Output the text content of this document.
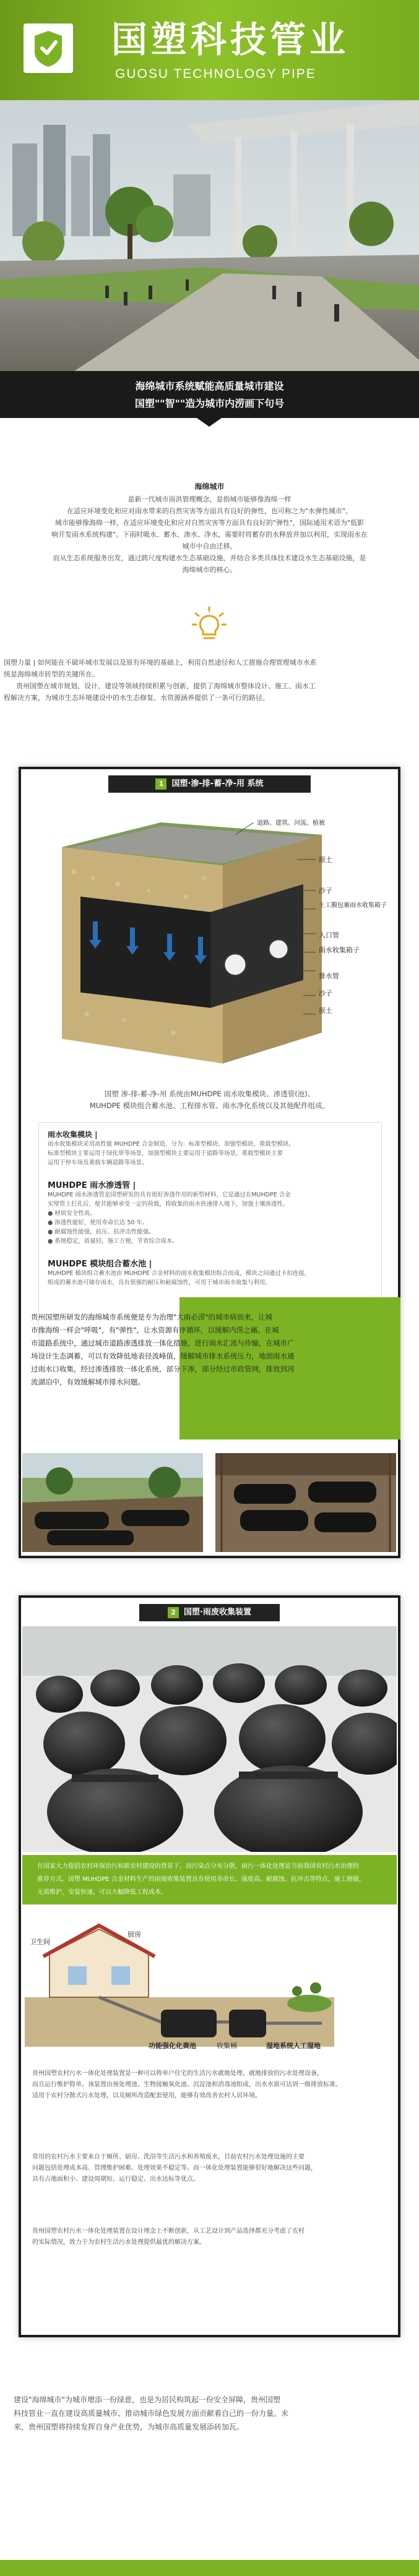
国塑科技管业
GUOSU TECHNOLOGY PIPE
海绵城市系统赋能高质量城市建设
国塑""智""造为城市内涝画下句号
海绵城市
是新一代城市雨洪管理概念，是指城市能够像海绵一样
在适应环境变化和应对雨水带来的自然灾害等方面具有良好的弹性，也可称之为"水弹性城市"。
城市能够像海绵一样，在适应环境变化和应对自然灾害等方面具有良好的"弹性"，国际通用术语为"低影
响开发雨水系统构建"。下雨时吸水、蓄水、渗水、净水，需要时将蓄存的水释放并加以利用，实现雨水在
城市中自由迁移。
而从生态系统服务出发，通过跨尺度构建水生态基础设施，并结合多类具体技术建设水生态基础设施，是
海绵城市的核心。
国塑力量 | 如何能在不破坏城市发展以及原有环境的基础上，利用自然途径和人工措施合理管理城市水系
统是海绵城市转型的关键所在。
贵州国塑在城市规划、设计、建设等领域持续积累与创新，提供了海绵城市整体设计、施工、雨水工
程解决方案，为城市生态环境建设中的水生态修复、水资源涵养提供了一条可行的路径。
1 国塑·渗-排-蓄-净-用 系统
道路、建筑、河流、植被
原土
沙子
土工膜包裹雨水收集箱子
入口管
雨水收集箱子
排水管
沙子
原土
国塑 渗-排-蓄-净-用 系统由MUHDPE 雨水收集模块、渗透管(池)、
MUHDPE 模块组合蓄水池、工程排水管、雨水净化系统以及其他配件组成。
雨水收集模块 |
雨水收集模块采用高性能 MUHDPE 合金制造，分为：标准型模块、加强型模块、重载型模块。
标准型模块主要运用于绿化带等场景，加强型模块主要运用于道路等场景，重载型模块主要
运用于停车场及重载车辆道路等场景。
MUHDPE 雨水渗透管 |
MUHDPE 雨水渗透管是国塑研发的具有很好渗透作用的新型材料，它是通过在MUHDPE 合金
实壁管上打孔后，使其能够承受一定的荷载，将收集的雨水快速排入地下，加强土壤渗透性。
● 材质安全性高。
● 渗透性能好，使用寿命长达 50 年。
● 耐腐蚀性能强，抗压、抗冲击性能强。
● 系统稳定，质量轻，施工方便，节省综合成本。
MUHDPE 模块组合蓄水池 |
MUHDPE 模块组合蓄水池由 MUHDPE 合金材料的雨水收集模块组合而成，模块之间通过卡扣连接，
组成的蓄水池可储存雨水，具有很强的耐压和耐腐蚀性，可用于城市雨水收集与利用。
贵州国塑所研发的海绵城市系统便是专为治理"大雨必涝"的城市病而来，让城
市像海绵一样会"呼吸"，有"弹性"，让水资源有序循环，以缓解内涝之痛。在城
市道路系统中，通过城市道路渗透排放一体化措施，进行雨水汇流与传输，在城市广
场设计生态调蓄，可以有效降低地表径流峰值，缓解城市排水系统压力，地面雨水通
过雨水口收集，经过渗透排放一体化系统，部分下渗，部分经过市政管网，排放到河
流湖泊中，有效缓解城市排水问题。
2 国塑·雨废收集装置
在国家大力提倡农村环保治污和新农村建设的背景下，而污染点分布分散，雨污一体化处理是当前我国农村污水治理的
推荐方式。国塑 MUHDPE 合金材料生产的雨废收集装置具有使用寿命长、强度高、耐腐蚀、抗冲击等特点，施工便捷，
无需维护，安装快速，可以大幅降低工程成本。
卫生间
厨房
功能强化化粪池	收集桶	湿地系统人工湿地
贵州国塑农村污水一体化处理装置是一种可以将单户住宅的生活污水就地处理，就地排放的污水处理设备，
而且运行维护简单。该装置由预处理池、生物接触氧化池、沉淀池和消毒池组成，出水水质可达到一级排放标准。
适用于农村分散式污水处理，以及厕所改造配套使用，能够有效改善农村人居环境。
常用的农村污水主要来自于厕所、厨房、洗浴等生活污水和养殖废水，目前农村污水处理设施的主要
问题包括处理成本高、管理维护困难、处理效果不稳定等。而一体化处理装置能够很好地解决这些问题，
具有占地面积小、建设周期短、运行稳定、出水达标等优点。
贵州国塑农村污水一体化处理装置在设计理念上不断创新，从工艺设计到产品选择都充分考虑了农村
的实际情况，致力于为农村生活污水处理提供最优的解决方案。
建设"海绵城市"为城市增添一份绿意，也是为居民构筑起一份安全屏障，贵州国塑
科技管业一直在建设高质量城市、推动城市绿色发展方面贡献着自己的一份力量。未
来，贵州国塑将持续发挥自身产业优势，为城市高质量发展添砖加瓦。
